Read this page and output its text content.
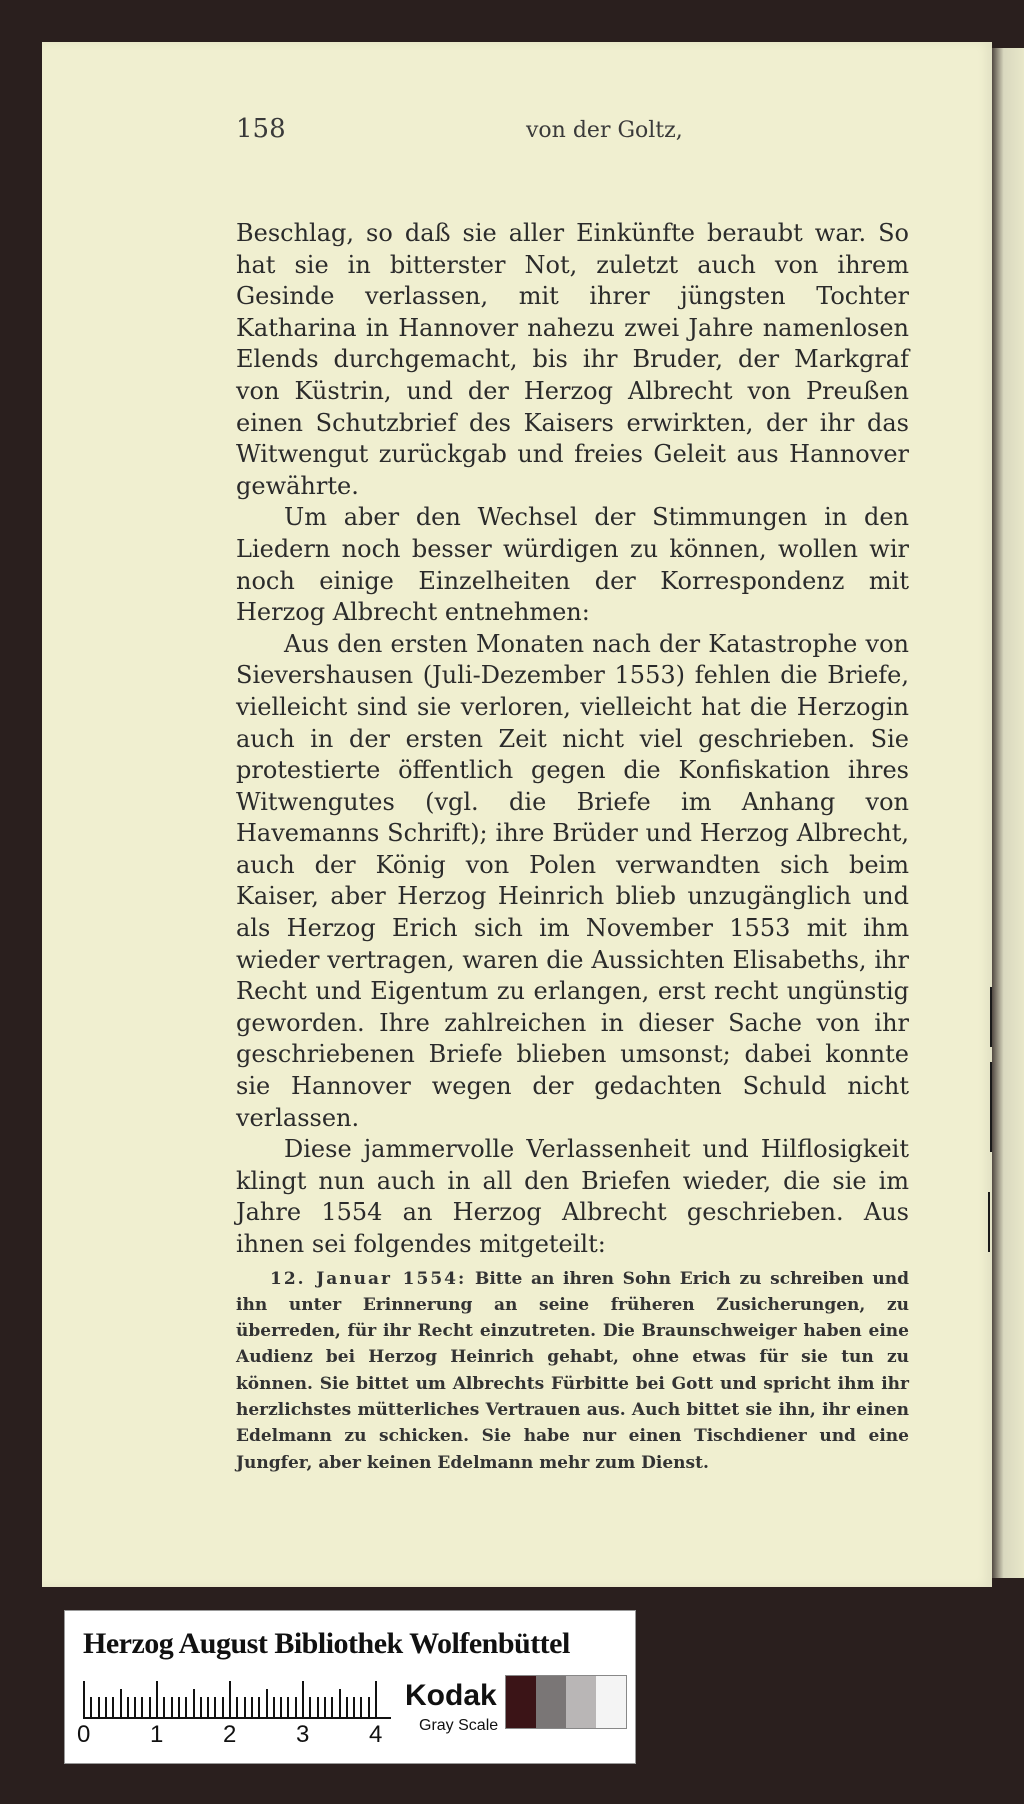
158	von der Goltz,

Beschlag, so daß sie aller Einkünfte beraubt war. So hat sie in bitterster Not, zuletzt auch von ihrem Gesinde verlassen, mit ihrer jüngsten Tochter Katharina in Hannover nahezu zwei Jahre namenlosen Elends durchgemacht, bis ihr Bruder, der Markgraf von Küstrin, und der Herzog Albrecht von Preußen einen Schutzbrief des Kaisers erwirkten, der ihr das Witwengut zurückgab und freies Geleit aus Hannover gewährte.

Um aber den Wechsel der Stimmungen in den Liedern noch besser würdigen zu können, wollen wir noch einige Einzelheiten der Korrespondenz mit Herzog Albrecht entnehmen:

Aus den ersten Monaten nach der Katastrophe von Sievershausen (Juli-Dezember 1553) fehlen die Briefe, vielleicht sind sie verloren, vielleicht hat die Herzogin auch in der ersten Zeit nicht viel geschrieben. Sie protestierte öffentlich gegen die Konfiskation ihres Witwengutes (vgl. die Briefe im Anhang von Havemanns Schrift); ihre Brüder und Herzog Albrecht, auch der König von Polen verwandten sich beim Kaiser, aber Herzog Heinrich blieb unzugänglich und als Herzog Erich sich im November 1553 mit ihm wieder vertragen, waren die Aussichten Elisabeths, ihr Recht und Eigentum zu erlangen, erst recht ungünstig geworden. Ihre zahlreichen in dieser Sache von ihr geschriebenen Briefe blieben umsonst; dabei konnte sie Hannover wegen der gedachten Schuld nicht verlassen.

Diese jammervolle Verlassenheit und Hilflosigkeit klingt nun auch in all den Briefen wieder, die sie im Jahre 1554 an Herzog Albrecht geschrieben. Aus ihnen sei folgendes mitgeteilt:

12. Januar 1554: Bitte an ihren Sohn Erich zu schreiben und ihn unter Erinnerung an seine früheren Zusicherungen, zu überreden, für ihr Recht einzutreten. Die Braunschweiger haben eine Audienz bei Herzog Heinrich gehabt, ohne etwas für sie tun zu können. Sie bittet um Albrechts Fürbitte bei Gott und spricht ihm ihr herzlichstes mütterliches Vertrauen aus. Auch bittet sie ihn, ihr einen Edelmann zu schicken. Sie habe nur einen Tischdiener und eine Jungfer, aber keinen Edelmann mehr zum Dienst.

Herzog August Bibliothek Wolfenbüttel
0 1 2 3 4
Kodak
Gray Scale
